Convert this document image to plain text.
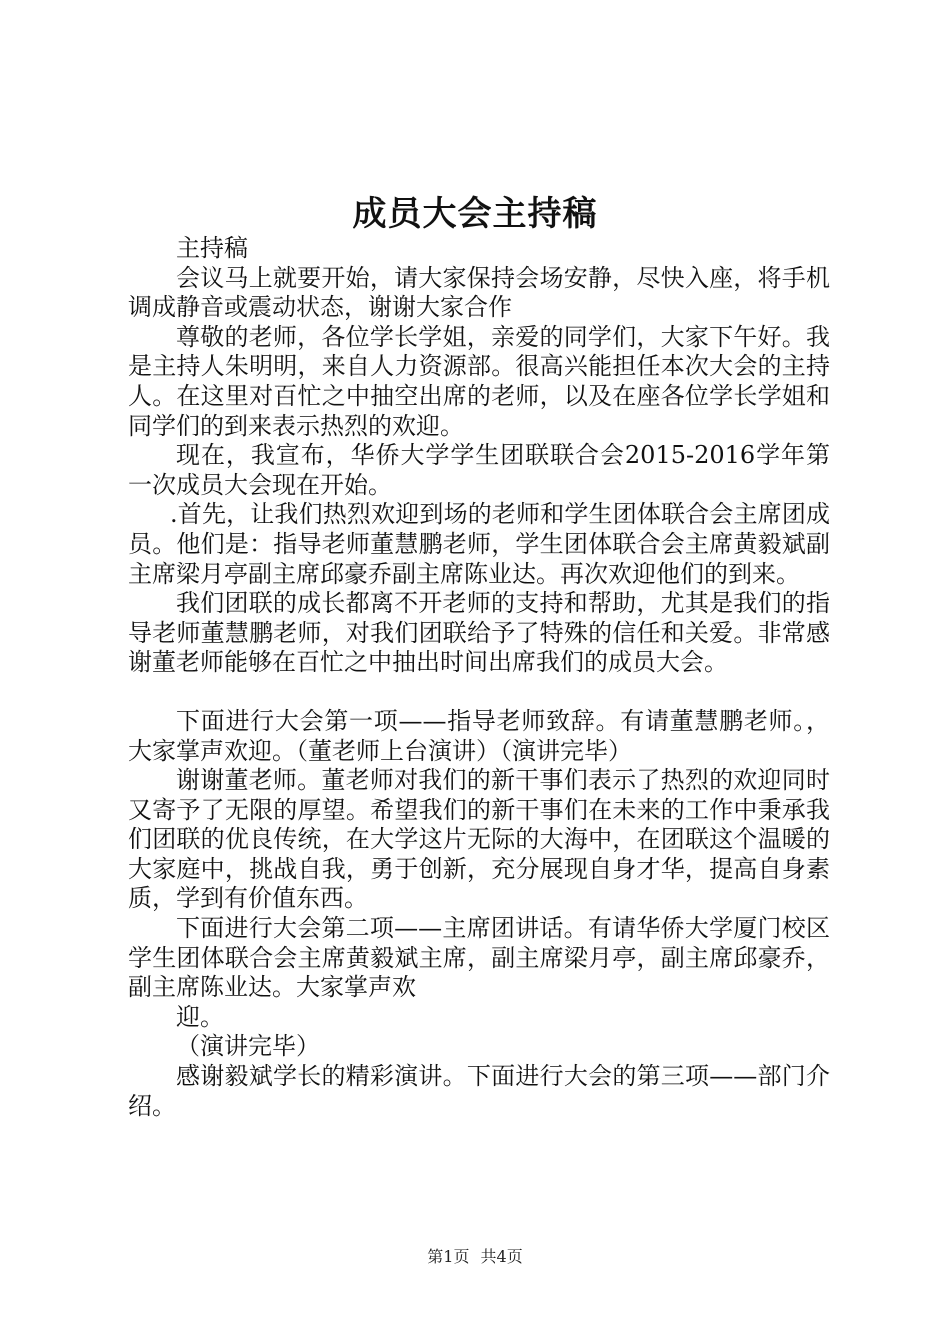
成员大会主持稿

主持稿

会议马上就要开始，请大家保持会场安静，尽快入座，将手机调成静音或震动状态，谢谢大家合作

尊敬的老师，各位学长学姐，亲爱的同学们，大家下午好。我是主持人朱明明，来自人力资源部。很高兴能担任本次大会的主持人。在这里对百忙之中抽空出席的老师，以及在座各位学长学姐和同学们的到来表示热烈的欢迎。

现在，我宣布，华侨大学学生团联联合会2015-2016学年第一次成员大会现在开始。

.首先，让我们热烈欢迎到场的老师和学生团体联合会主席团成员。他们是：指导老师董慧鹏老师，学生团体联合会主席黄毅斌副主席梁月亭副主席邱豪乔副主席陈业达。再次欢迎他们的到来。

我们团联的成长都离不开老师的支持和帮助，尤其是我们的指导老师董慧鹏老师，对我们团联给予了特殊的信任和关爱。非常感谢董老师能够在百忙之中抽出时间出席我们的成员大会。

下面进行大会第一项——指导老师致辞。有请董慧鹏老师。，大家掌声欢迎。（董老师上台演讲）（演讲完毕）

谢谢董老师。董老师对我们的新干事们表示了热烈的欢迎同时又寄予了无限的厚望。希望我们的新干事们在未来的工作中秉承我们团联的优良传统，在大学这片无际的大海中，在团联这个温暖的大家庭中，挑战自我，勇于创新，充分展现自身才华，提高自身素质，学到有价值东西。

下面进行大会第二项——主席团讲话。有请华侨大学厦门校区学生团体联合会主席黄毅斌主席，副主席梁月亭，副主席邱豪乔，副主席陈业达。大家掌声欢

迎。

（演讲完毕）

感谢毅斌学长的精彩演讲。下面进行大会的第三项——部门介绍。

第1页 共4页
